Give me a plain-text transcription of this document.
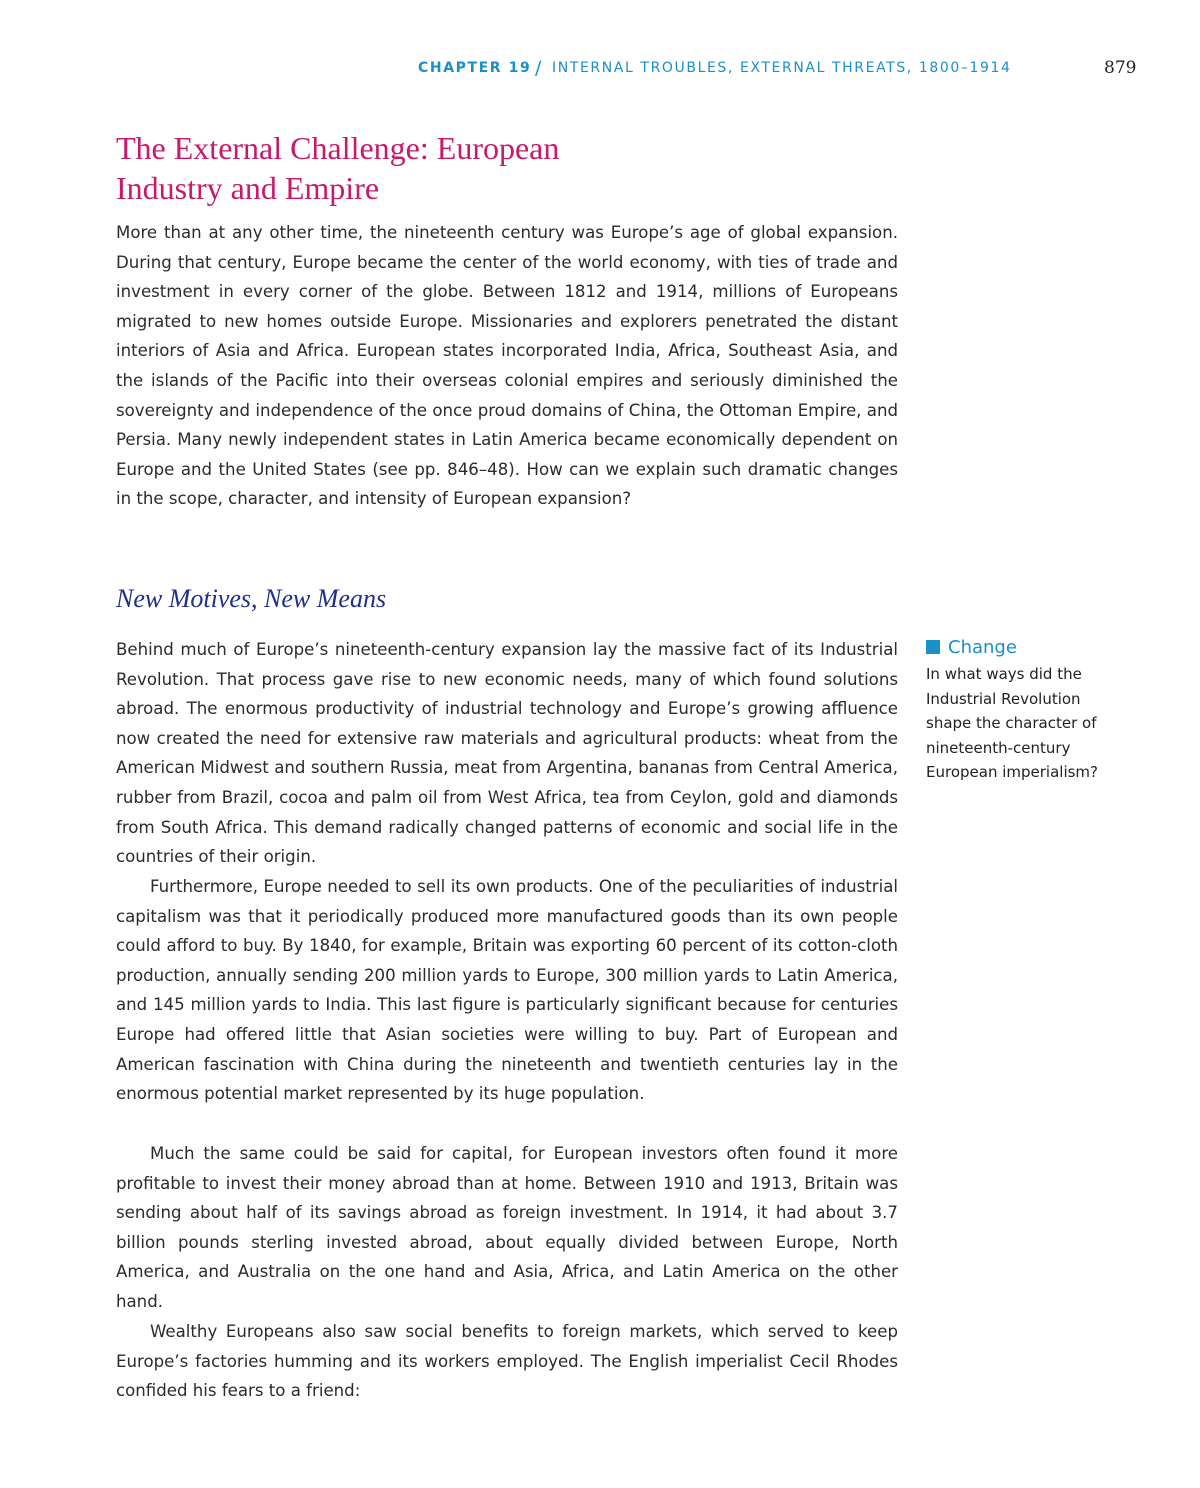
CHAPTER 19 / INTERNAL TROUBLES, EXTERNAL THREATS, 1800–1914	879
The External Challenge: European
Industry and Empire

More than at any other time, the nineteenth century was Europe’s age of global expansion. During that century, Europe became the center of the world economy, with ties of trade and investment in every corner of the globe. Between 1812 and 1914, millions of Europeans migrated to new homes outside Europe. Missionaries and explorers penetrated the distant interiors of Asia and Africa. European states incorporated India, Africa, Southeast Asia, and the islands of the Pacific into their overseas colonial empires and seriously diminished the sovereignty and independence of the once proud domains of China, the Ottoman Empire, and Persia. Many newly independent states in Latin America became economically dependent on Europe and the United States (see pp. 846–48). How can we explain such dramatic changes in the scope, character, and intensity of European expansion?

New Motives, New Means

Behind much of Europe’s nineteenth-century expansion lay the massive fact of its Industrial Revolution. That process gave rise to new economic needs, many of which found solutions abroad. The enormous productivity of industrial technology and Europe’s growing affluence now created the need for extensive raw materials and agricultural products: wheat from the American Midwest and southern Russia, meat from Argentina, bananas from Central America, rubber from Brazil, cocoa and palm oil from West Africa, tea from Ceylon, gold and diamonds from South Africa. This demand radically changed patterns of economic and social life in the countries of their origin.

Furthermore, Europe needed to sell its own products. One of the peculiarities of industrial capitalism was that it periodically produced more manufactured goods than its own people could afford to buy. By 1840, for example, Britain was exporting 60 percent of its cotton-cloth production, annually sending 200 million yards to Europe, 300 million yards to Latin America, and 145 million yards to India. This last figure is particularly significant because for centuries Europe had offered little that Asian societies were willing to buy. Part of European and American fascination with China during the nineteenth and twentieth centuries lay in the enormous potential market represented by its huge population.

Much the same could be said for capital, for European investors often found it more profitable to invest their money abroad than at home. Between 1910 and 1913, Britain was sending about half of its savings abroad as foreign investment. In 1914, it had about 3.7 billion pounds sterling invested abroad, about equally divided between Europe, North America, and Australia on the one hand and Asia, Africa, and Latin America on the other hand.

Wealthy Europeans also saw social benefits to foreign markets, which served to keep Europe’s factories humming and its workers employed. The English imperialist Cecil Rhodes confided his fears to a friend:

Change

In what ways did the Industrial Revolution shape the character of nineteenth-century European imperialism?
